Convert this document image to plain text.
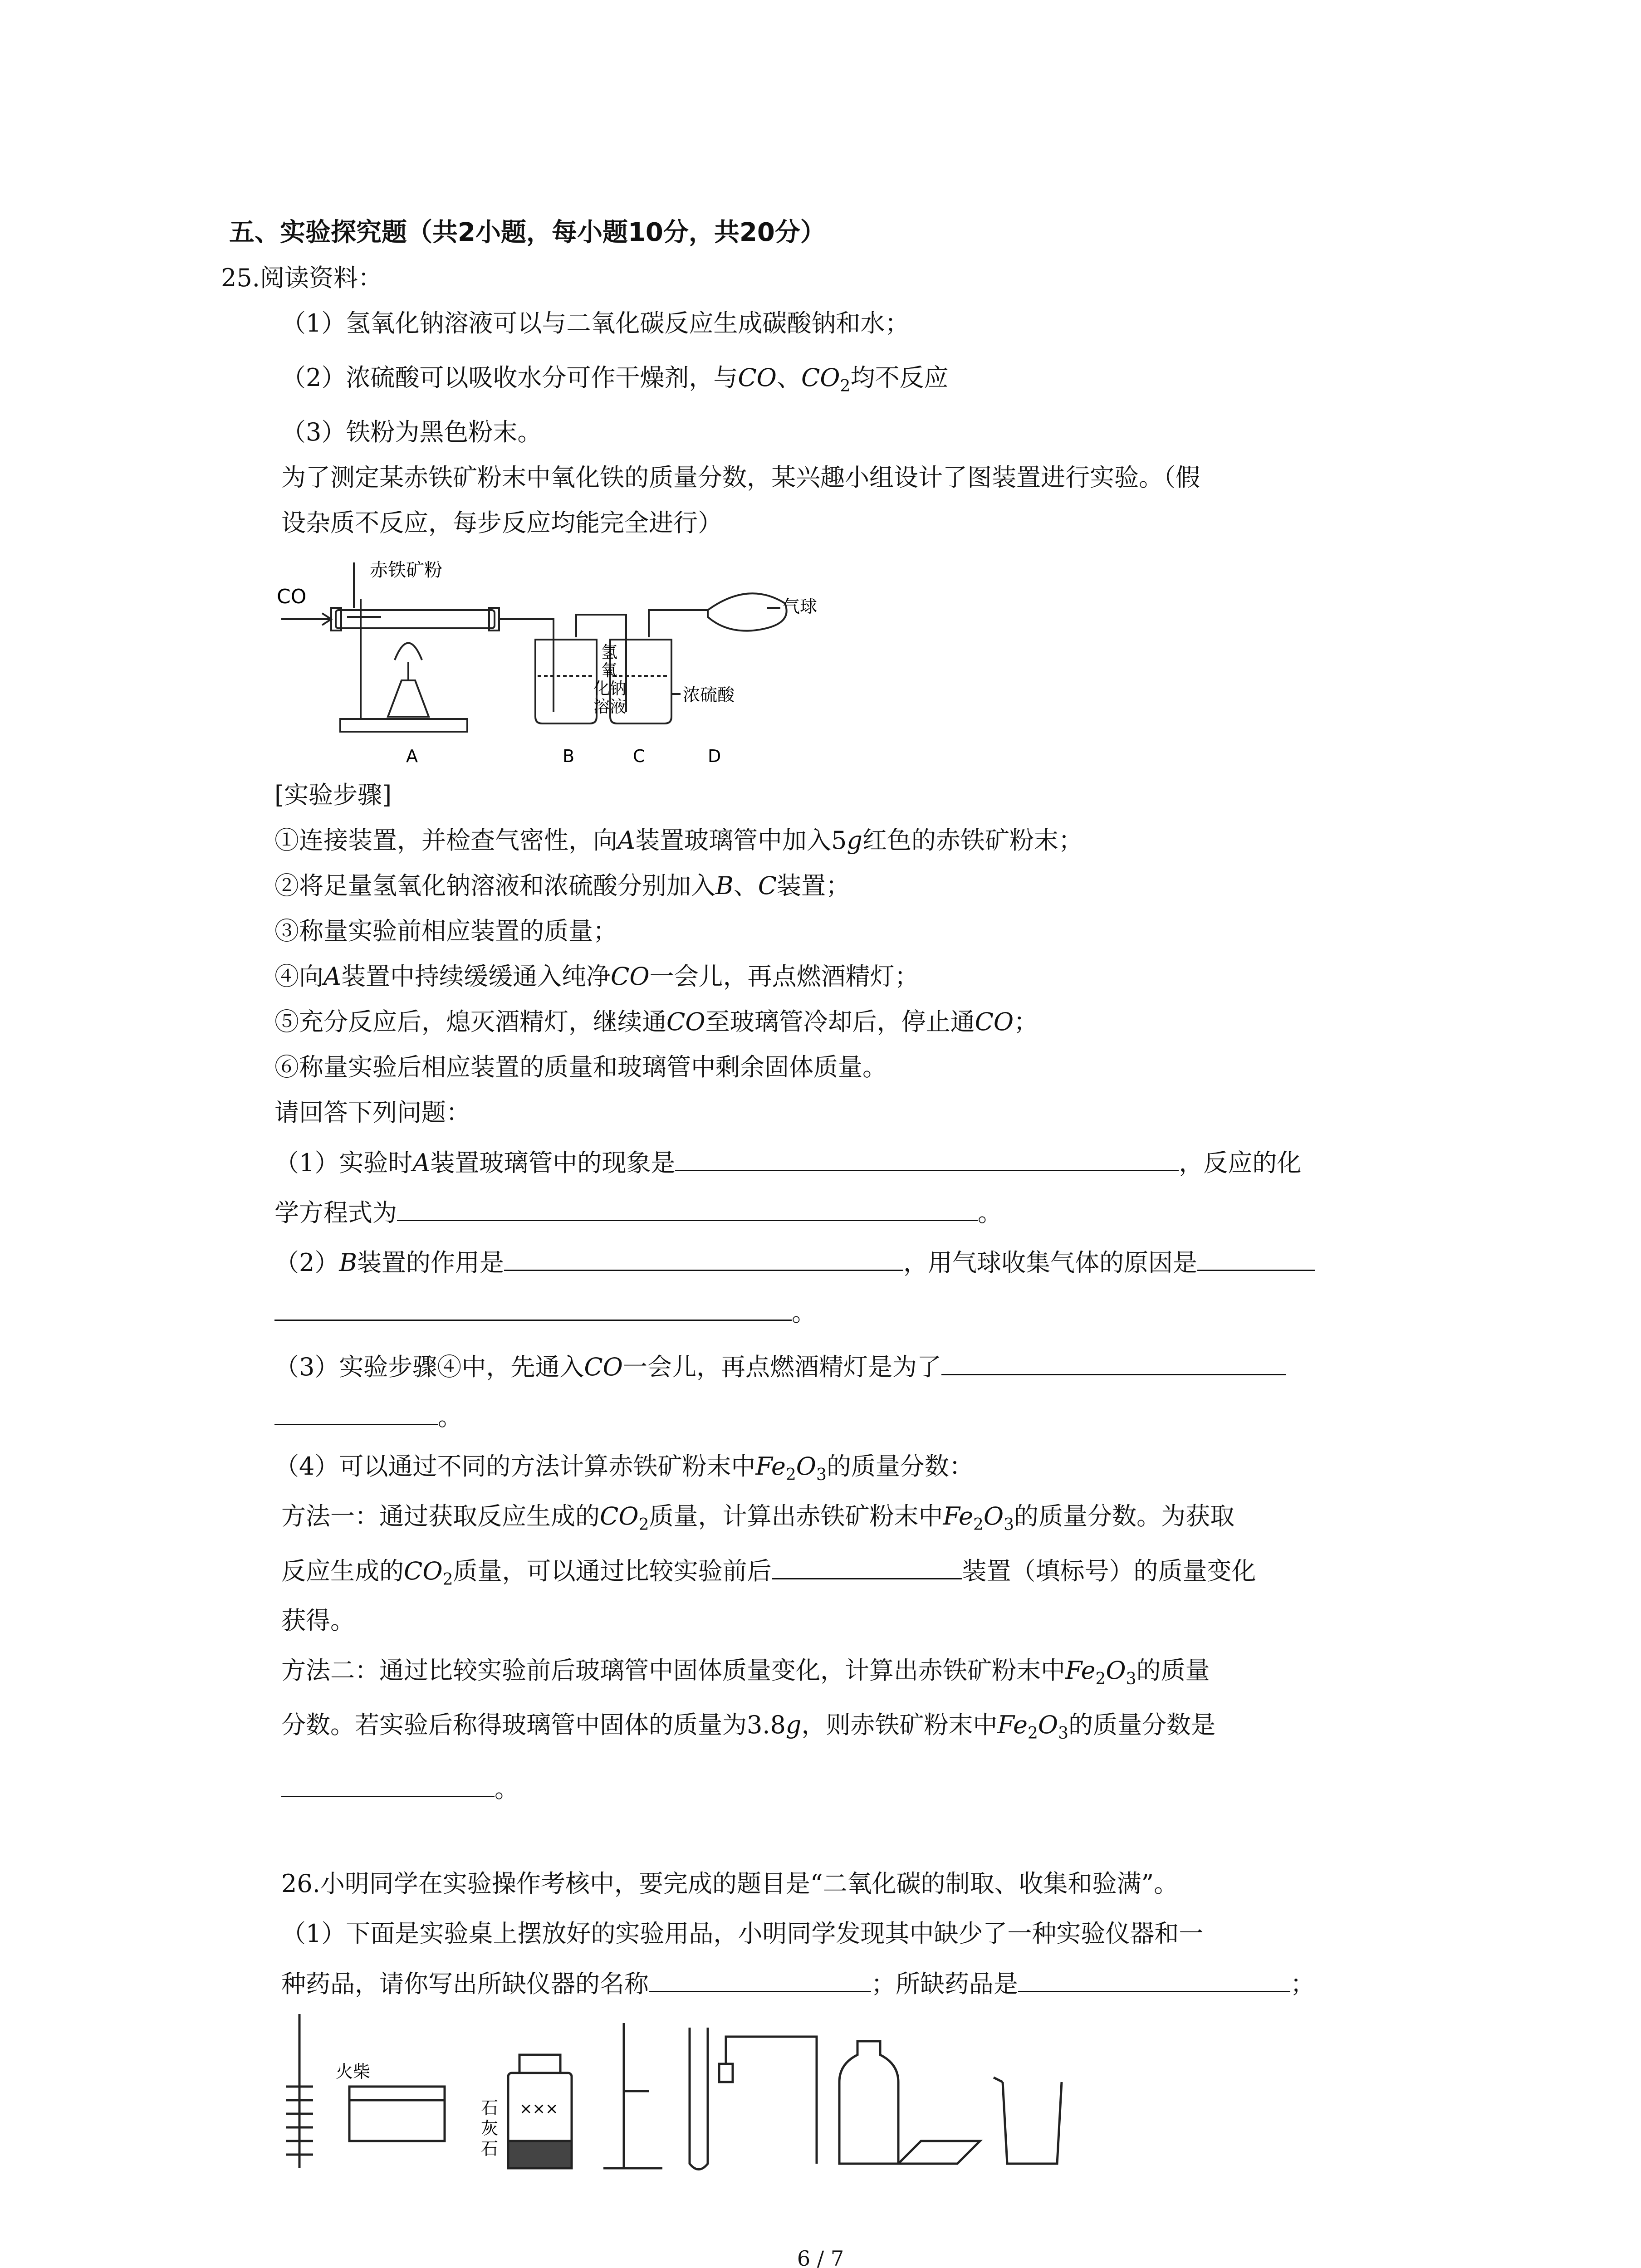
五、实验探究题（共2小题，每小题10分，共20分）
25.阅读资料：
（1）氢氧化钠溶液可以与二氧化碳反应生成碳酸钠和水；
（2）浓硫酸可以吸收水分可作干燥剂，与CO、$CO_2$均不反应
（3）铁粉为黑色粉末。
为了测定某赤铁矿粉末中氧化铁的质量分数，某兴趣小组设计了图装置进行实验。（假
设杂质不反应，每步反应均能完全进行）
CO
赤铁矿粉
气球
氢
氧
化钠
溶液
浓硫酸
A	B	C	D
[实验步骤]
①连接装置，并检查气密性，向A装置玻璃管中加入5g红色的赤铁矿粉末；
②将足量氢氧化钠溶液和浓硫酸分别加入B、C装置；
③称量实验前相应装置的质量；
④向A装置中持续缓缓通入纯净CO一会儿，再点燃酒精灯；
⑤充分反应后，熄灭酒精灯，继续通CO至玻璃管冷却后，停止通CO；
⑥称量实验后相应装置的质量和玻璃管中剩余固体质量。
请回答下列问题：
（1）实验时A装置玻璃管中的现象是	，反应的化
学方程式为	。
（2）B装置的作用是	，用气球收集气体的原因是
。
（3）实验步骤④中，先通入CO一会儿，再点燃酒精灯是为了
。
（4）可以通过不同的方法计算赤铁矿粉末中$Fe_2O_3$的质量分数：
方法一：通过获取反应生成的$CO_2$质量，计算出赤铁矿粉末中$Fe_2O_3$的质量分数。为获取
反应生成的$CO_2$质量，可以通过比较实验前后	装置（填标号）的质量变化
获得。
方法二：通过比较实验前后玻璃管中固体质量变化，计算出赤铁矿粉末中$Fe_2O_3$的质量
分数。若实验后称得玻璃管中固体的质量为3.8g，则赤铁矿粉末中$Fe_2O_3$的质量分数是
。
26.小明同学在实验操作考核中，要完成的题目是“二氧化碳的制取、收集和验满”。
（1）下面是实验桌上摆放好的实验用品，小明同学发现其中缺少了一种实验仪器和一
种药品，请你写出所缺仪器的名称	；所缺药品是	；
火柴
石
灰
石
×××
6 / 7
